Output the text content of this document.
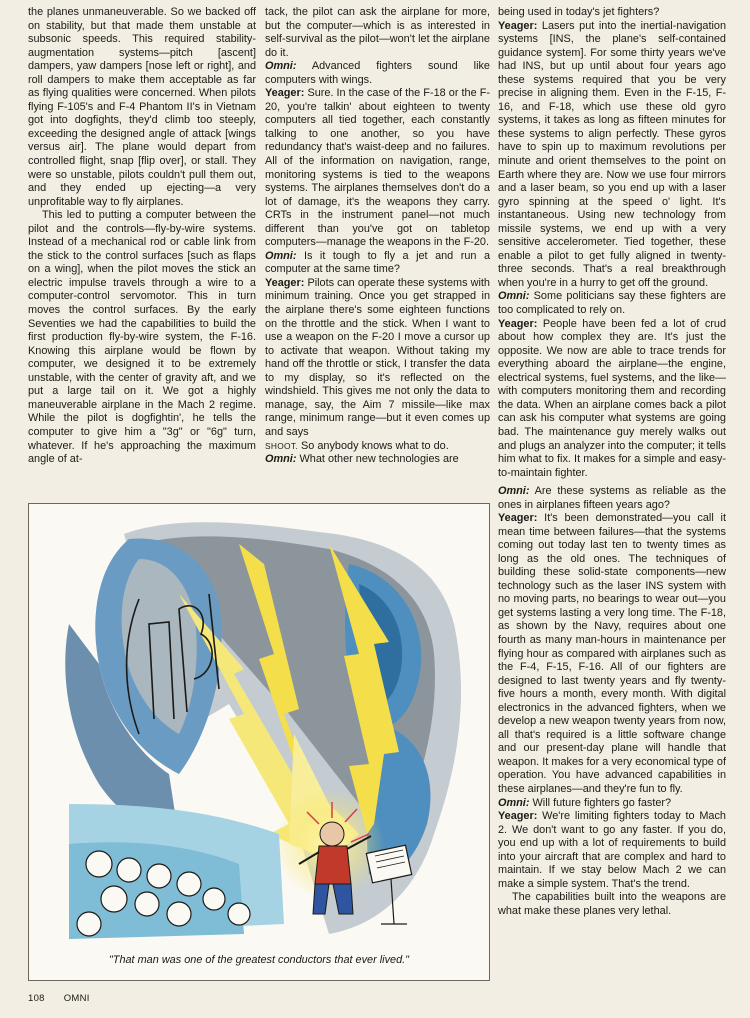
the planes unmaneuverable. So we backed off on stability, but that made them unstable at subsonic speeds. This required stability-augmentation systems—pitch [ascent] dampers, yaw dampers [nose left or right], and roll dampers to make them acceptable as far as flying qualities were concerned. When pilots flying F-105's and F-4 Phantom II's in Vietnam got into dogfights, they'd climb too steeply, exceeding the designed angle of attack [wings versus air]. The plane would depart from controlled flight, snap [flip over], or stall. They were so unstable, pilots couldn't pull them out, and they ended up ejecting—a very unprofitable way to fly airplanes.

This led to putting a computer between the pilot and the controls—fly-by-wire systems. Instead of a mechanical rod or cable link from the stick to the control surfaces [such as flaps on a wing], when the pilot moves the stick an electric impulse travels through a wire to a computer-control servomotor. This in turn moves the control surfaces. By the early Seventies we had the capabilities to build the first production fly-by-wire system, the F-16. Knowing this airplane would be flown by computer, we designed it to be extremely unstable, with the center of gravity aft, and we put a large tail on it. We got a highly maneuverable airplane in the Mach 2 regime. While the pilot is dogfightin', he tells the computer to give him a "3g" or "6g" turn, whatever. If he's approaching the maximum angle of at-

tack, the pilot can ask the airplane for more, but the computer—which is as interested in self-survival as the pilot—won't let the airplane do it.

Omni: Advanced fighters sound like computers with wings.

Yeager: Sure. In the case of the F-18 or the F-20, you're talkin' about eighteen to twenty computers all tied together, each constantly talking to one another, so you have redundancy that's waist-deep and no failures. All of the information on navigation, range, monitoring systems is tied to the weapons systems. The airplanes themselves don't do a lot of damage, it's the weapons they carry. CRTs in the instrument panel—not much different than you've got on tabletop computers—manage the weapons in the F-20.

Omni: Is it tough to fly a jet and run a computer at the same time?

Yeager: Pilots can operate these systems with minimum training. Once you get strapped in the airplane there's some eighteen functions on the throttle and the stick. When I want to use a weapon on the F-20 I move a cursor up to activate that weapon. Without taking my hand off the throttle or stick, I transfer the data to my display, so it's reflected on the windshield. This gives me not only the data to manage, say, the Aim 7 missile—like max range, minimum range—but it even comes up and says

SHOOT. So anybody knows what to do.

Omni: What other new technologies are

being used in today's jet fighters?

Yeager: Lasers put into the inertial-navigation systems [INS, the plane's self-contained guidance system]. For some thirty years we've had INS, but up until about four years ago these systems required that you be very precise in aligning them. Even in the F-15, F-16, and F-18, which use these old gyro systems, it takes as long as fifteen minutes for these systems to align perfectly. These gyros have to spin up to maximum revolutions per minute and orient themselves to the point on Earth where they are. Now we use four mirrors and a laser beam, so you end up with a laser gyro spinning at the speed o' light. It's instantaneous. Using new technology from missile systems, we end up with a very sensitive accelerometer. Tied together, these enable a pilot to get fully aligned in twenty-three seconds. That's a real breakthrough when you're in a hurry to get off the ground.

Omni: Some politicians say these fighters are too complicated to rely on.

Yeager: People have been fed a lot of crud about how complex they are. It's just the opposite. We now are able to trace trends for everything aboard the airplane—the engine, electrical systems, fuel systems, and the like—with computers monitoring them and recording the data. When an airplane comes back a pilot can ask his computer what systems are going bad. The maintenance guy merely walks out and plugs an analyzer into the computer; it tells him what to fix. It makes for a simple and easy-to-maintain fighter.

"That man was one of the greatest conductors that ever lived."

Omni: Are these systems as reliable as the ones in airplanes fifteen years ago?

Yeager: It's been demonstrated—you call it mean time between failures—that the systems coming out today last ten to twenty times as long as the old ones. The techniques of building these solid-state components—new technology such as the laser INS system with no moving parts, no bearings to wear out—you get systems lasting a very long time. The F-18, as shown by the Navy, requires about one fourth as many man-hours in maintenance per flying hour as compared with airplanes such as the F-4, F-15, F-16. All of our fighters are designed to last twenty years and fly twenty-five hours a month, every month. With digital electronics in the advanced fighters, when we develop a new weapon twenty years from now, all that's required is a little software change and our present-day plane will handle that weapon. It makes for a very economical type of operation. You have advanced capabilities in these airplanes—and they're fun to fly.

Omni: Will future fighters go faster?

Yeager: We're limiting fighters today to Mach 2. We don't want to go any faster. If you do, you end up with a lot of requirements to build into your aircraft that are complex and hard to maintain. If we stay below Mach 2 we can make a simple system. That's the trend.

The capabilities built into the weapons are what make these planes very lethal.

108 OMNI
